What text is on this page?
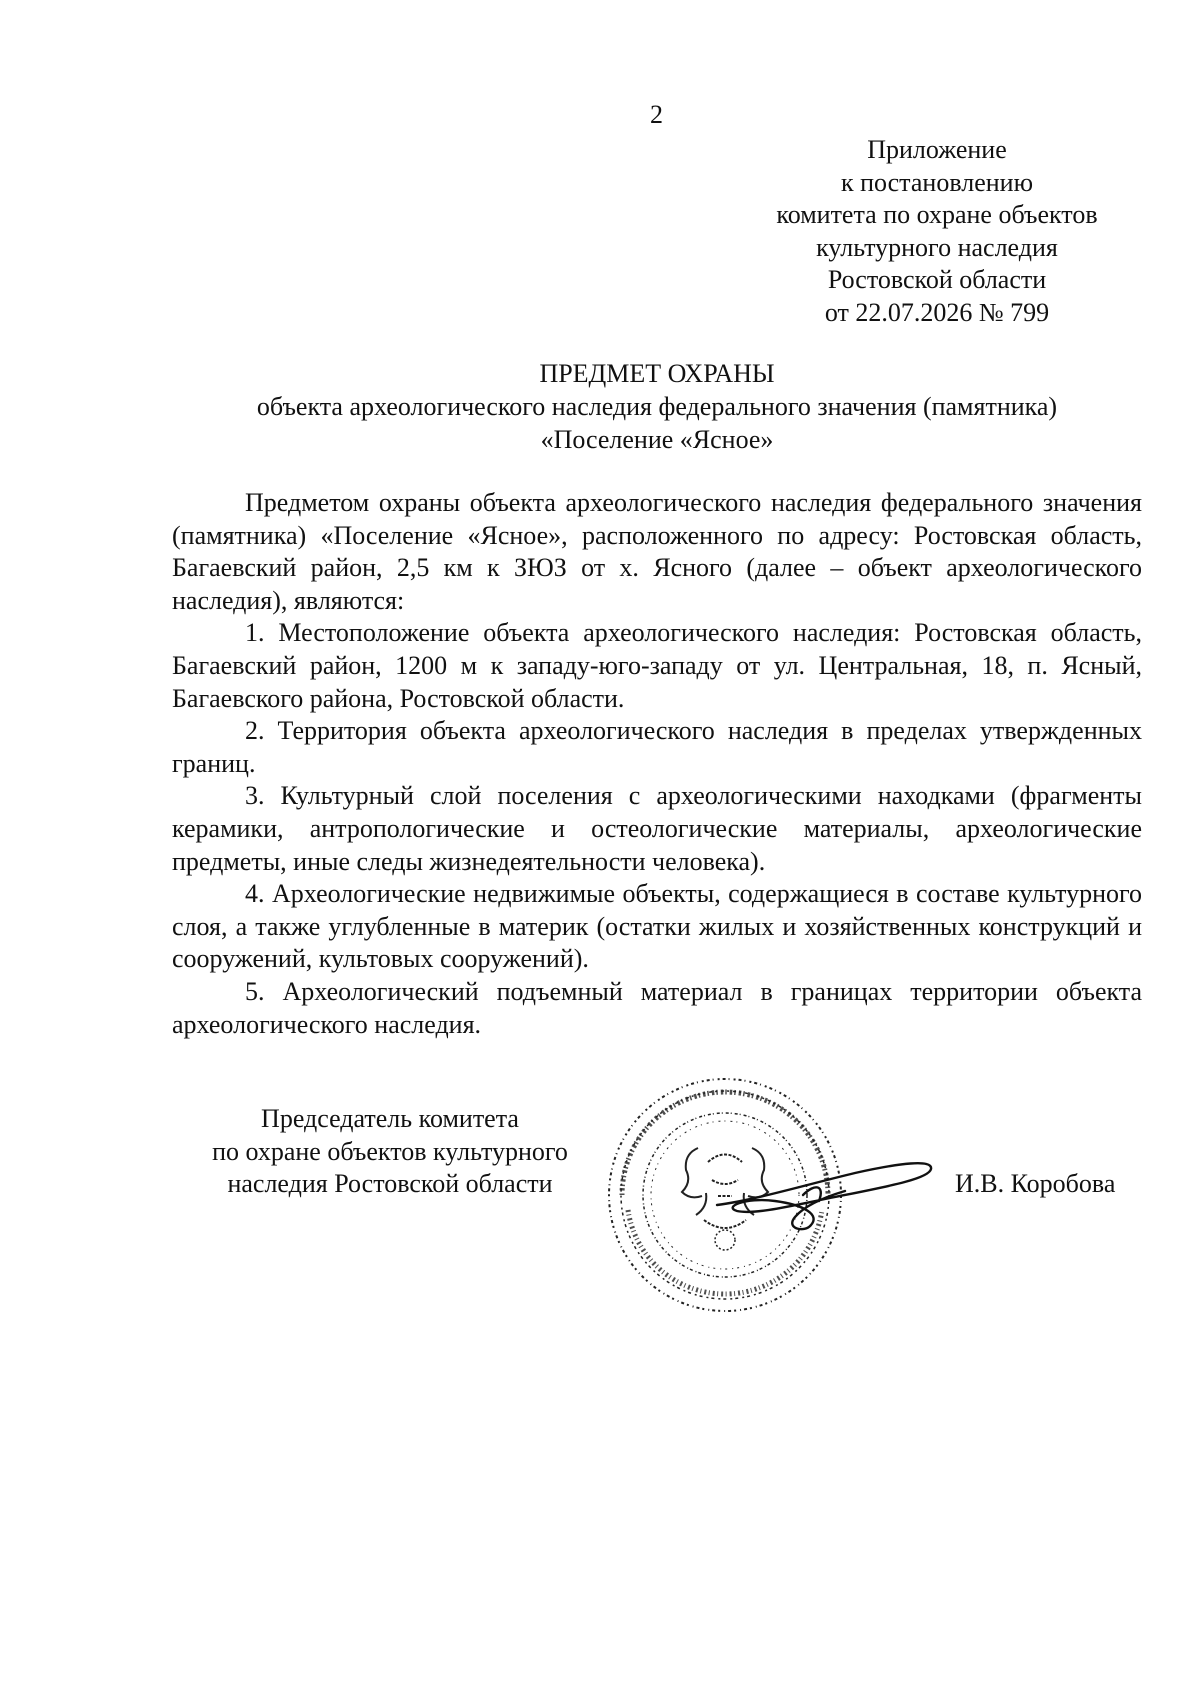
2
Приложение
к постановлению
комитета по охране объектов
культурного наследия
Ростовской области
от 22.07.2026 № 799
ПРЕДМЕТ ОХРАНЫ
объекта археологического наследия федерального значения (памятника)
«Поселение «Ясное»

Предметом охраны объекта археологического наследия федерального значения (памятника) «Поселение «Ясное», расположенного по адресу: Ростовская область, Багаевский район, 2,5 км к ЗЮЗ от х. Ясного (далее – объект археологического наследия), являются:

1. Местоположение объекта археологического наследия: Ростовская область, Багаевский район, 1200 м к западу-юго-западу от ул. Центральная, 18, п. Ясный, Багаевского района, Ростовской области.

2. Территория объекта археологического наследия в пределах утвержденных границ.

3. Культурный слой поселения с археологическими находками (фрагменты керамики, антропологические и остеологические материалы, археологические предметы, иные следы жизнедеятельности человека).

4. Археологические недвижимые объекты, содержащиеся в составе культурного слоя, а также углубленные в материк (остатки жилых и хозяйственных конструкций и сооружений, культовых сооружений).

5. Археологический подъемный материал в границах территории объекта археологического наследия.

Председатель комитета
по охране объектов культурного
наследия Ростовской области	И.В. Коробова
